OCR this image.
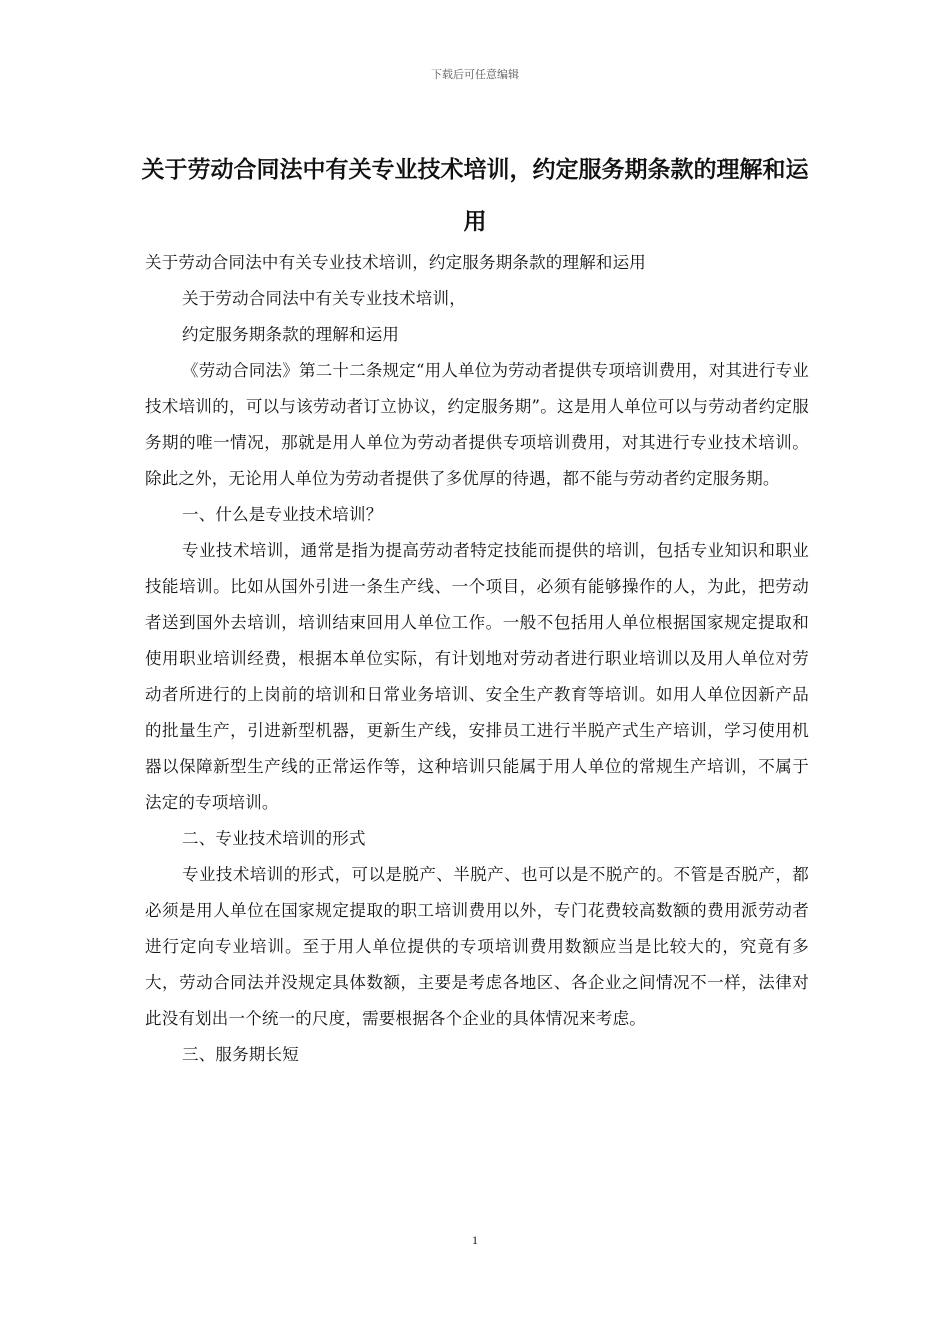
下载后可任意编辑
关于劳动合同法中有关专业技术培训，约定服务期条款的理解和运用

关于劳动合同法中有关专业技术培训，约定服务期条款的理解和运用

关于劳动合同法中有关专业技术培训，

约定服务期条款的理解和运用

《劳动合同法》第二十二条规定“用人单位为劳动者提供专项培训费用，对其进行专业技术培训的，可以与该劳动者订立协议，约定服务期”。这是用人单位可以与劳动者约定服务期的唯一情况，那就是用人单位为劳动者提供专项培训费用，对其进行专业技术培训。除此之外，无论用人单位为劳动者提供了多优厚的待遇，都不能与劳动者约定服务期。

一、什么是专业技术培训？

专业技术培训，通常是指为提高劳动者特定技能而提供的培训，包括专业知识和职业技能培训。比如从国外引进一条生产线、一个项目，必须有能够操作的人，为此，把劳动者送到国外去培训，培训结束回用人单位工作。一般不包括用人单位根据国家规定提取和使用职业培训经费，根据本单位实际，有计划地对劳动者进行职业培训以及用人单位对劳动者所进行的上岗前的培训和日常业务培训、安全生产教育等培训。如用人单位因新产品的批量生产，引进新型机器，更新生产线，安排员工进行半脱产式生产培训，学习使用机器以保障新型生产线的正常运作等，这种培训只能属于用人单位的常规生产培训，不属于法定的专项培训。

二、专业技术培训的形式

专业技术培训的形式，可以是脱产、半脱产、也可以是不脱产的。不管是否脱产，都必须是用人单位在国家规定提取的职工培训费用以外，专门花费较高数额的费用派劳动者进行定向专业培训。至于用人单位提供的专项培训费用数额应当是比较大的，究竟有多大，劳动合同法并没规定具体数额，主要是考虑各地区、各企业之间情况不一样，法律对此没有划出一个统一的尺度，需要根据各个企业的具体情况来考虑。

三、服务期长短

1
